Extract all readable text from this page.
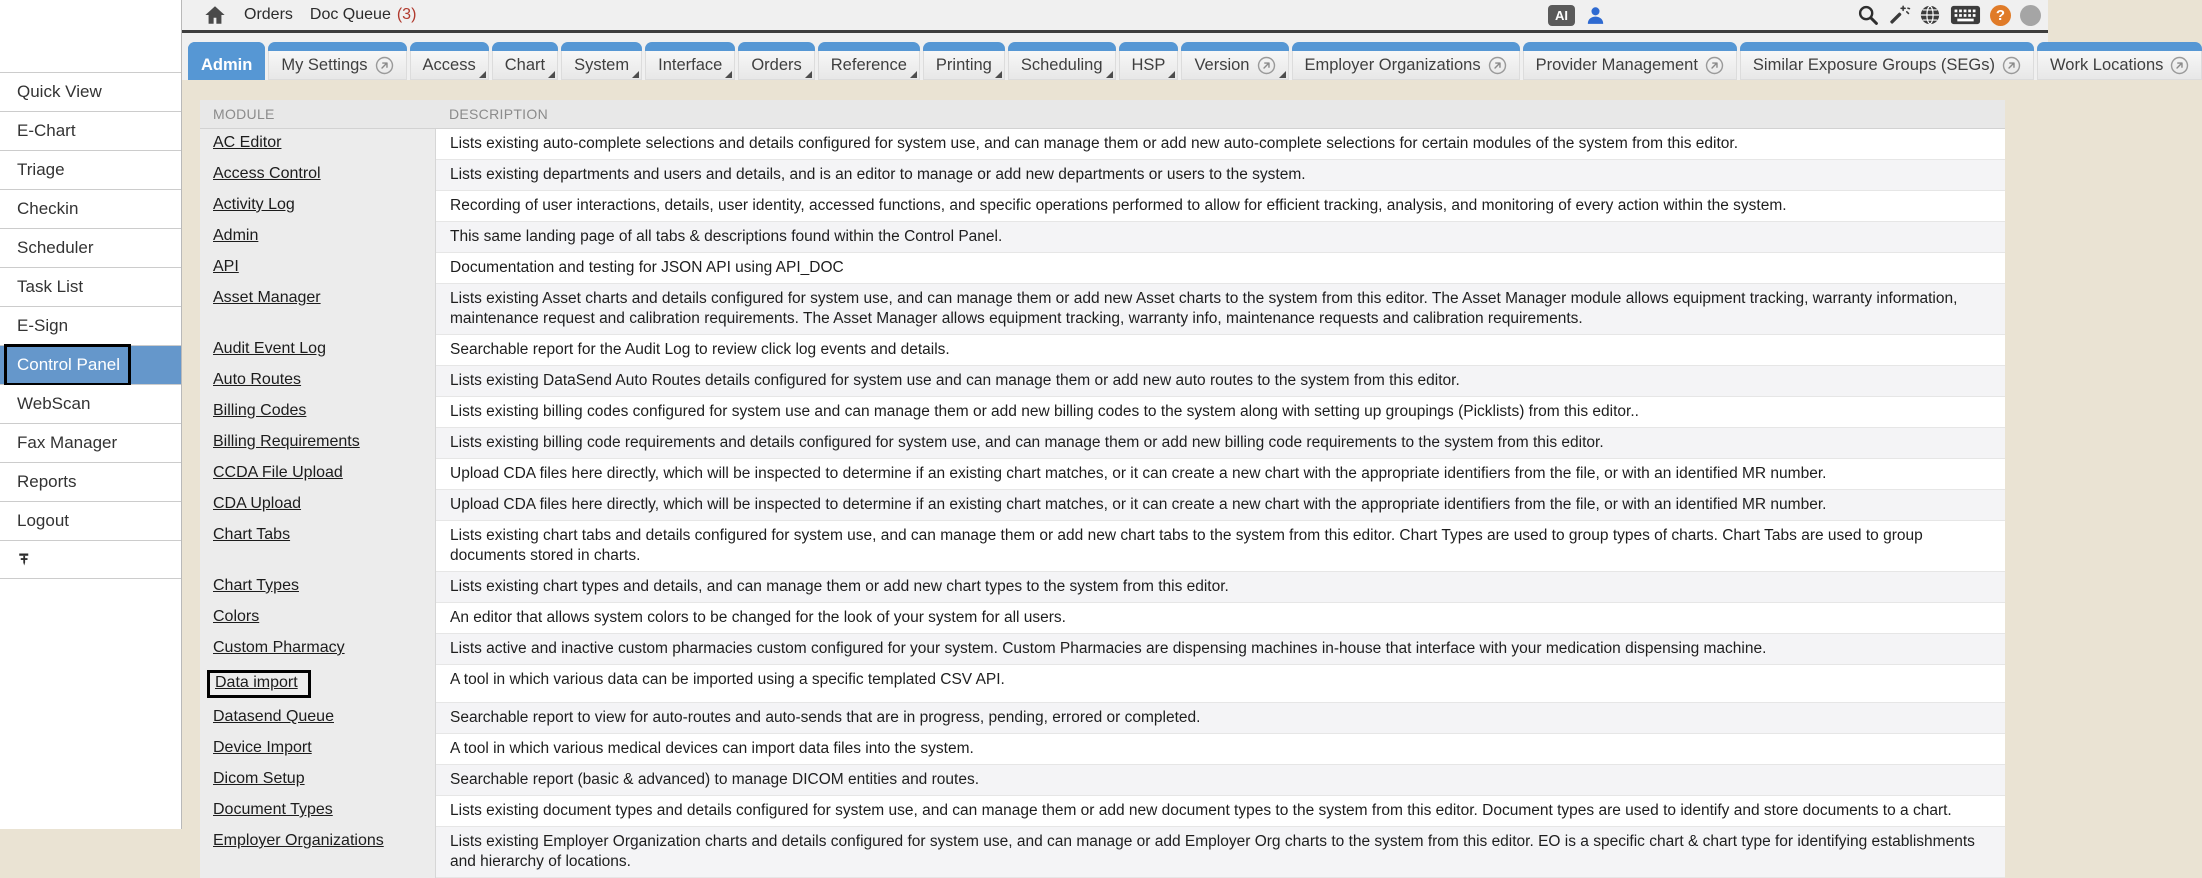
Quick View
E-Chart
Triage
Checkin
Scheduler
Task List
E-Sign
Control Panel
WebScan
Fax Manager
Reports
Logout
Orders Doc Queue (3)	AI	?
Admin My Settings	Access Chart System Interface Orders Reference Printing Scheduling HSP Version	Employer Organizations	Provider Management	Similar Exposure Groups (SEGs)	Work Locations
MODULE	DESCRIPTION
AC Editor	Lists existing auto-complete selections and details configured for system use, and can manage them or add new auto-complete selections for certain modules of the system from this editor.
Access Control	Lists existing departments and users and details, and is an editor to manage or add new departments or users to the system.
Activity Log	Recording of user interactions, details, user identity, accessed functions, and specific operations performed to allow for efficient tracking, analysis, and monitoring of every action within the system.
Admin	This same landing page of all tabs & descriptions found within the Control Panel.
API	Documentation and testing for JSON API using API_DOC
Asset Manager	Lists existing Asset charts and details configured for system use, and can manage them or add new Asset charts to the system from this editor. The Asset Manager module allows equipment tracking, warranty information, maintenance request and calibration requirements. The Asset Manager allows equipment tracking, warranty info, maintenance requests and calibration requirements.
Audit Event Log	Searchable report for the Audit Log to review click log events and details.
Auto Routes	Lists existing DataSend Auto Routes details configured for system use and can manage them or add new auto routes to the system from this editor.
Billing Codes	Lists existing billing codes configured for system use and can manage them or add new billing codes to the system along with setting up groupings (Picklists) from this editor..
Billing Requirements	Lists existing billing code requirements and details configured for system use, and can manage them or add new billing code requirements to the system from this editor.
CCDA File Upload	Upload CDA files here directly, which will be inspected to determine if an existing chart matches, or it can create a new chart with the appropriate identifiers from the file, or with an identified MR number.
CDA Upload	Upload CDA files here directly, which will be inspected to determine if an existing chart matches, or it can create a new chart with the appropriate identifiers from the file, or with an identified MR number.
Chart Tabs	Lists existing chart tabs and details configured for system use, and can manage them or add new chart tabs to the system from this editor. Chart Types are used to group types of charts. Chart Tabs are used to group documents stored in charts.
Chart Types	Lists existing chart types and details, and can manage them or add new chart types to the system from this editor.
Colors	An editor that allows system colors to be changed for the look of your system for all users.
Custom Pharmacy	Lists active and inactive custom pharmacies custom configured for your system. Custom Pharmacies are dispensing machines in-house that interface with your medication dispensing machine.
Data import	A tool in which various data can be imported using a specific templated CSV API.
Datasend Queue	Searchable report to view for auto-routes and auto-sends that are in progress, pending, errored or completed.
Device Import	A tool in which various medical devices can import data files into the system.
Dicom Setup	Searchable report (basic & advanced) to manage DICOM entities and routes.
Document Types	Lists existing document types and details configured for system use, and can manage them or add new document types to the system from this editor. Document types are used to identify and store documents to a chart.
Employer Organizations	Lists existing Employer Organization charts and details configured for system use, and can manage or add Employer Org charts to the system from this editor. EO is a specific chart & chart type for identifying establishments and hierarchy of locations.
